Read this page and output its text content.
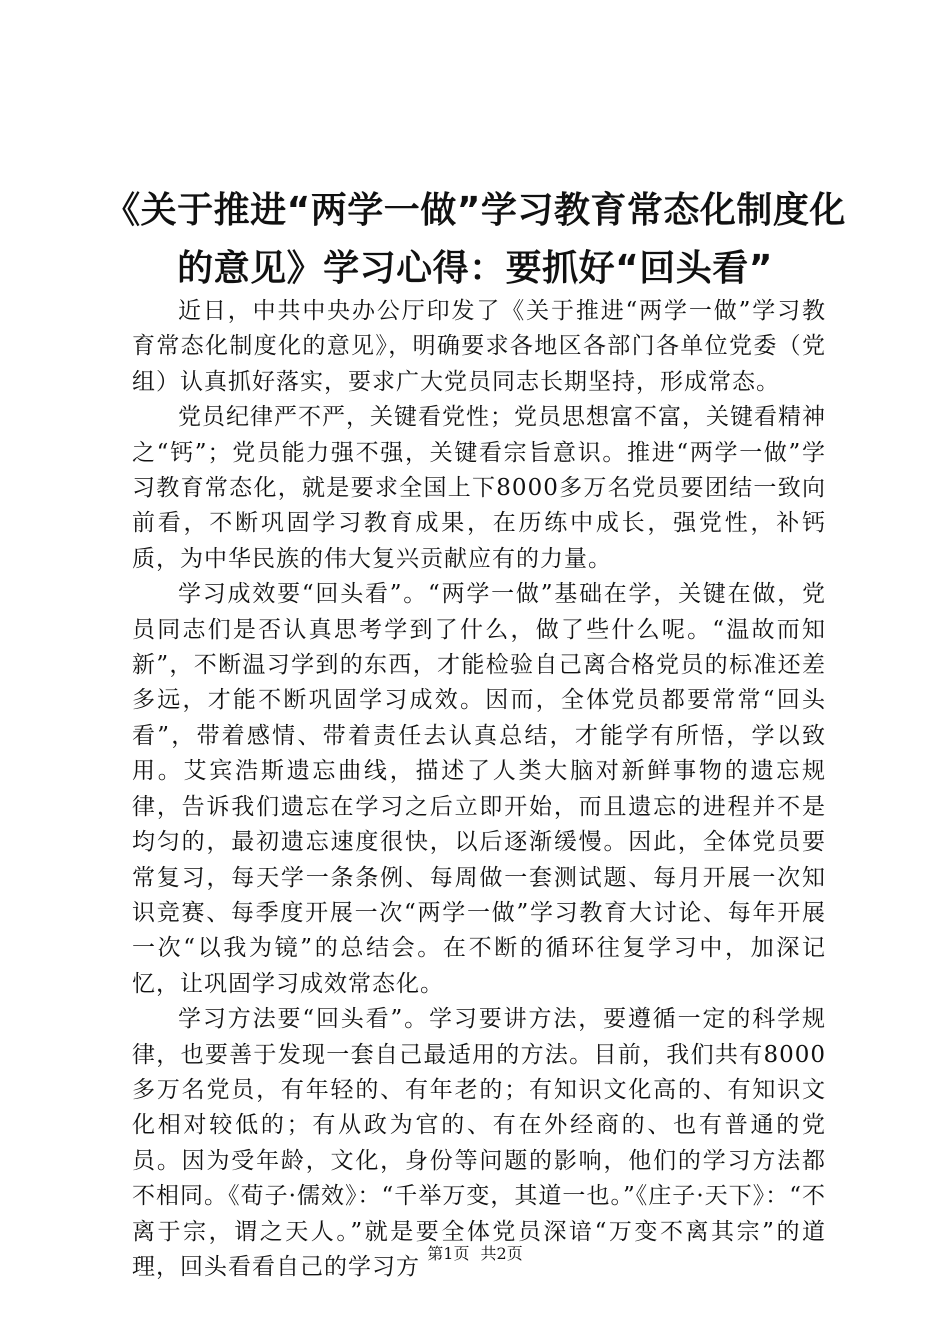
《关于推进“两学一做”学习教育常态化制度化的意见》学习心得：要抓好“回头看”

近日，中共中央办公厅印发了《关于推进“两学一做”学习教育常态化制度化的意见》，明确要求各地区各部门各单位党委（党组）认真抓好落实，要求广大党员同志长期坚持，形成常态。

党员纪律严不严，关键看党性；党员思想富不富，关键看精神之“钙”；党员能力强不强，关键看宗旨意识。推进“两学一做”学习教育常态化，就是要求全国上下8000多万名党员要团结一致向前看，不断巩固学习教育成果，在历练中成长，强党性，补钙质，为中华民族的伟大复兴贡献应有的力量。

学习成效要“回头看”。“两学一做”基础在学，关键在做，党员同志们是否认真思考学到了什么，做了些什么呢。“温故而知新”，不断温习学到的东西，才能检验自己离合格党员的标准还差多远，才能不断巩固学习成效。因而，全体党员都要常常“回头看”，带着感情、带着责任去认真总结，才能学有所悟，学以致用。艾宾浩斯遗忘曲线，描述了人类大脑对新鲜事物的遗忘规律，告诉我们遗忘在学习之后立即开始，而且遗忘的进程并不是均匀的，最初遗忘速度很快，以后逐渐缓慢。因此，全体党员要常复习，每天学一条条例、每周做一套测试题、每月开展一次知识竞赛、每季度开展一次“两学一做”学习教育大讨论、每年开展一次“以我为镜”的总结会。在不断的循环往复学习中，加深记忆，让巩固学习成效常态化。

学习方法要“回头看”。学习要讲方法，要遵循一定的科学规律，也要善于发现一套自己最适用的方法。目前，我们共有8000多万名党员，有年轻的、有年老的；有知识文化高的、有知识文化相对较低的；有从政为官的、有在外经商的、也有普通的党员。因为受年龄，文化，身份等问题的影响，他们的学习方法都不相同。《荀子·儒效》：“千举万变，其道一也。”《庄子·天下》：“不离于宗，谓之天人。”就是要全体党员深谙“万变不离其宗”的道理，回头看看自己的学习方

第1页 共2页
